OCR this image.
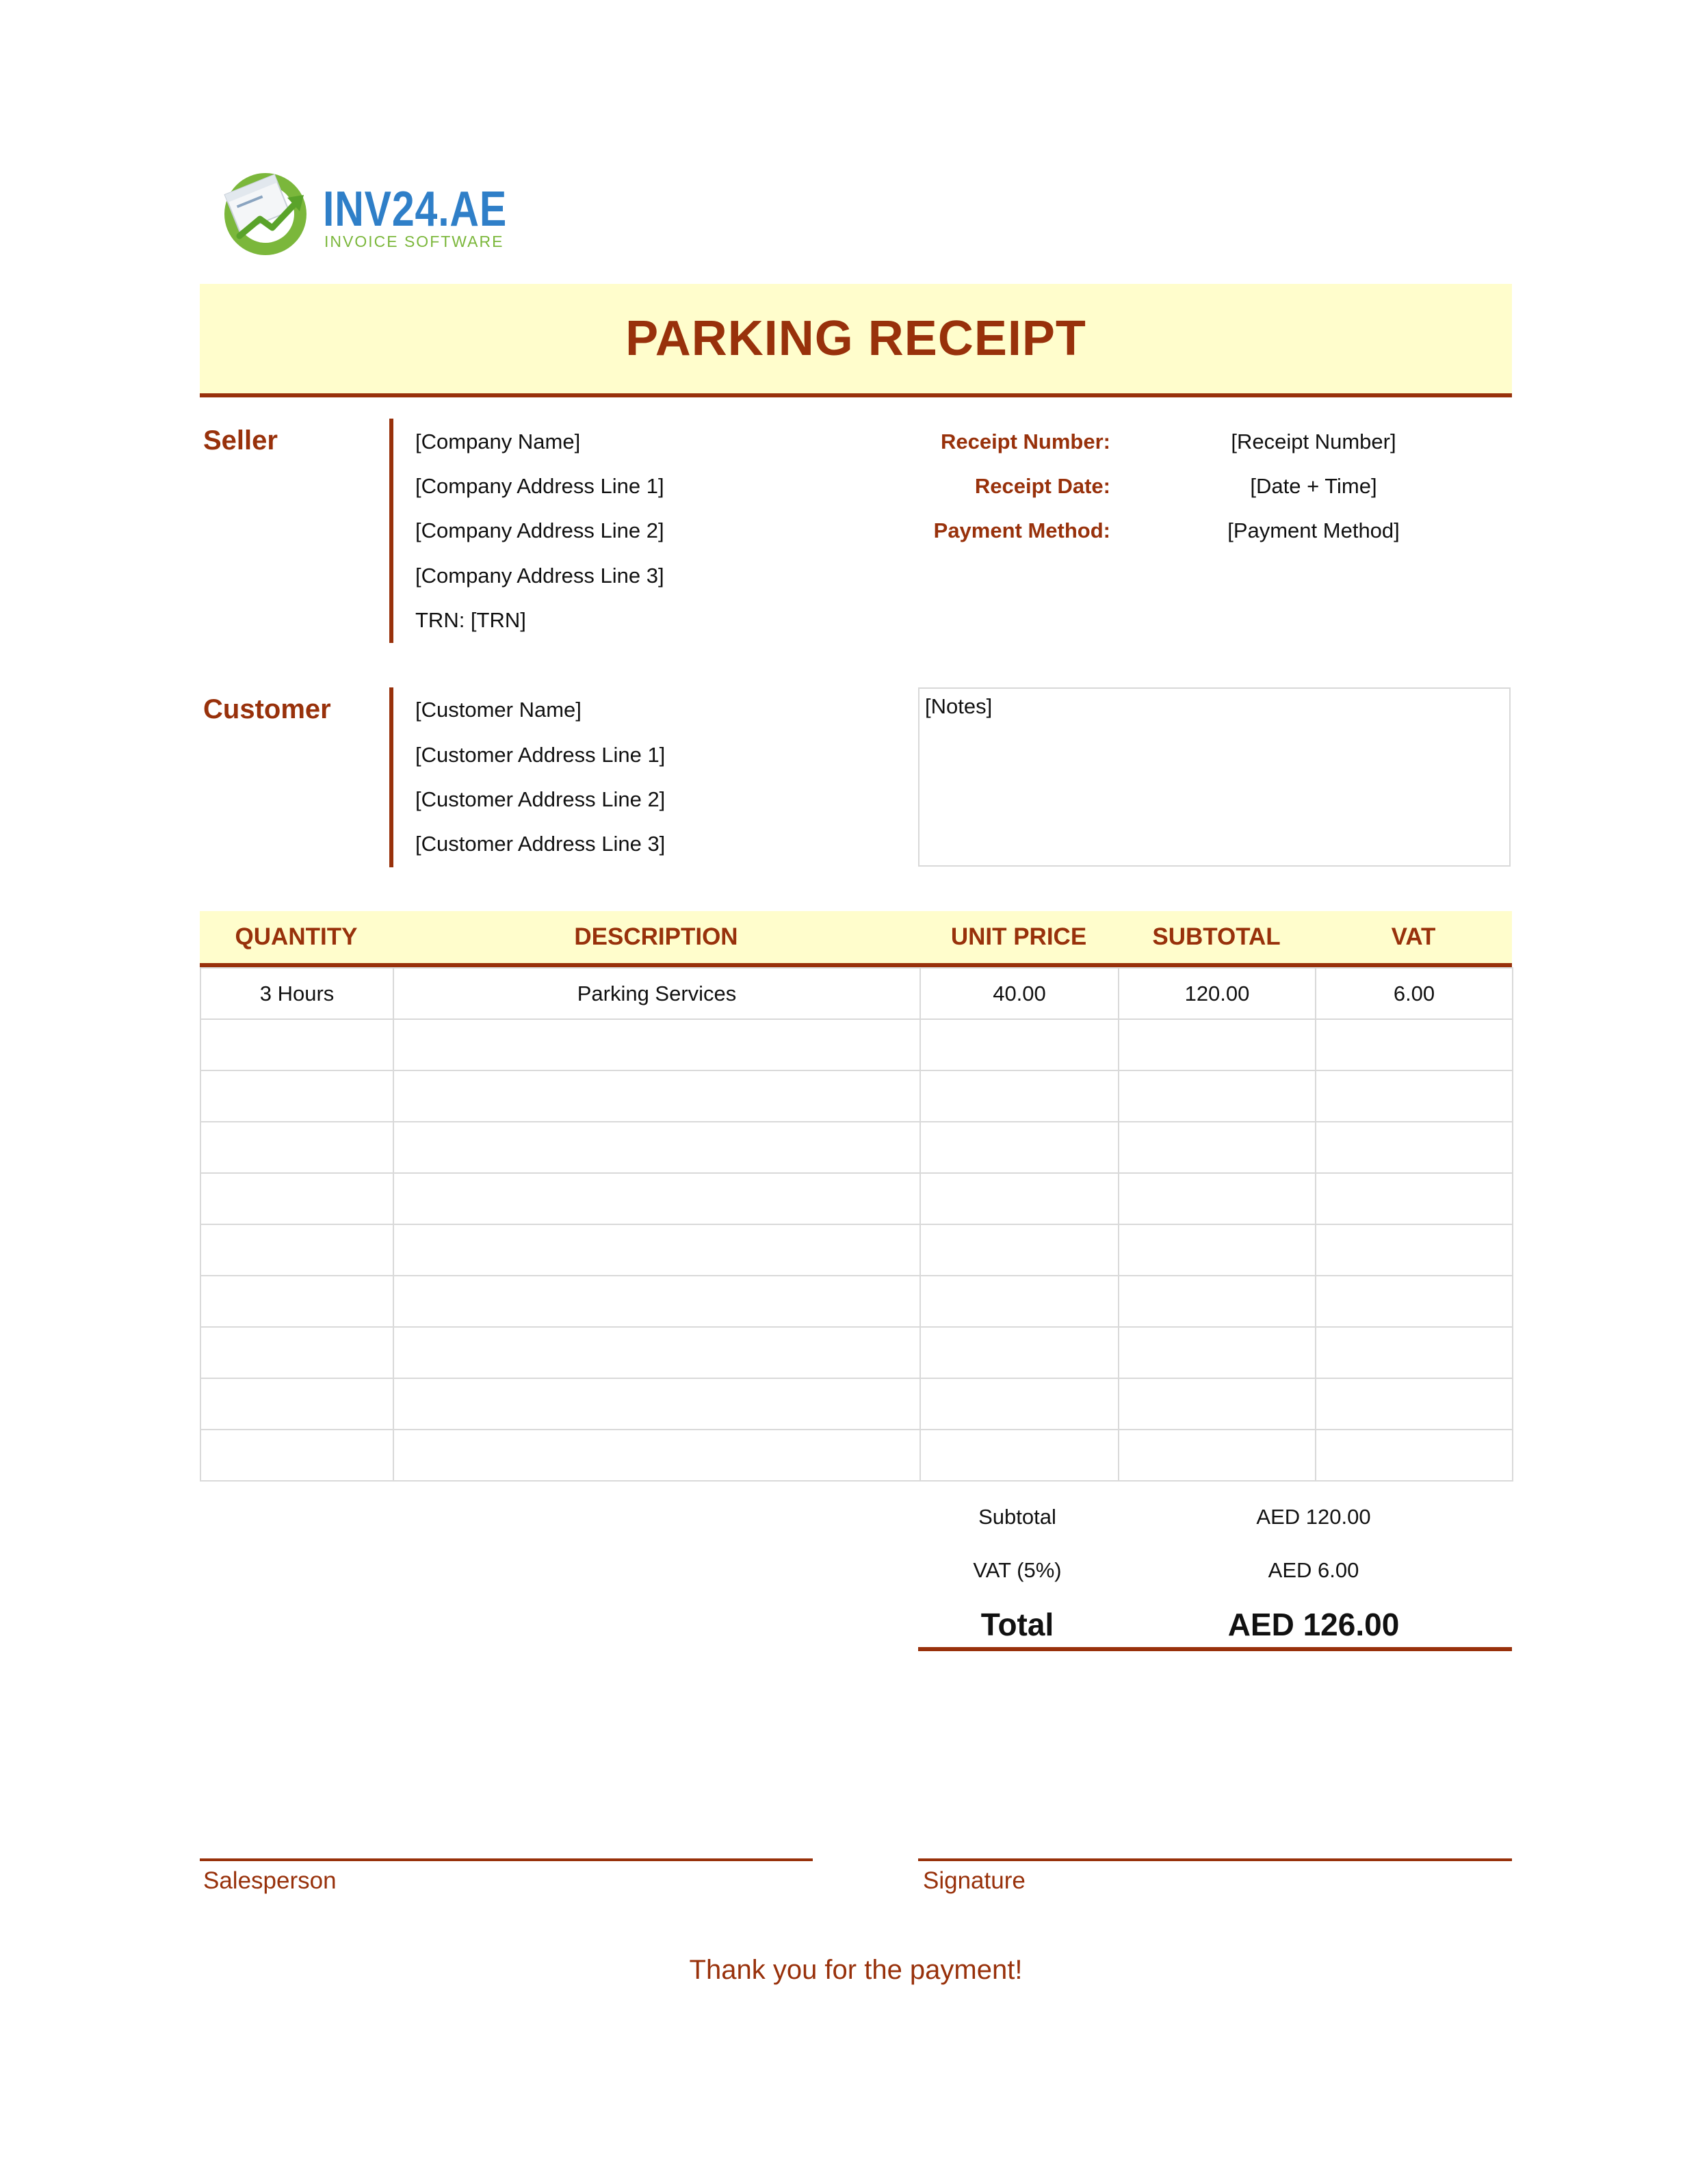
INV24.AE
INVOICE SOFTWARE
PARKING RECEIPT
Seller	[Company Name]
[Company Address Line 1]
[Company Address Line 2]
[Company Address Line 3]
TRN: [TRN]
Receipt Number:	[Receipt Number]
Receipt Date:	[Date + Time]
Payment Method:	[Payment Method]
Customer	[Customer Name]
[Customer Address Line 1]
[Customer Address Line 2]
[Customer Address Line 3]
[Notes]
QUANTITY	DESCRIPTION	UNIT PRICE	SUBTOTAL	VAT
3 Hours	Parking Services	40.00	120.00	6.00

Subtotal	AED 120.00
VAT (5%)	AED 6.00
Total	AED 126.00
Salesperson	Signature
Thank you for the payment!
